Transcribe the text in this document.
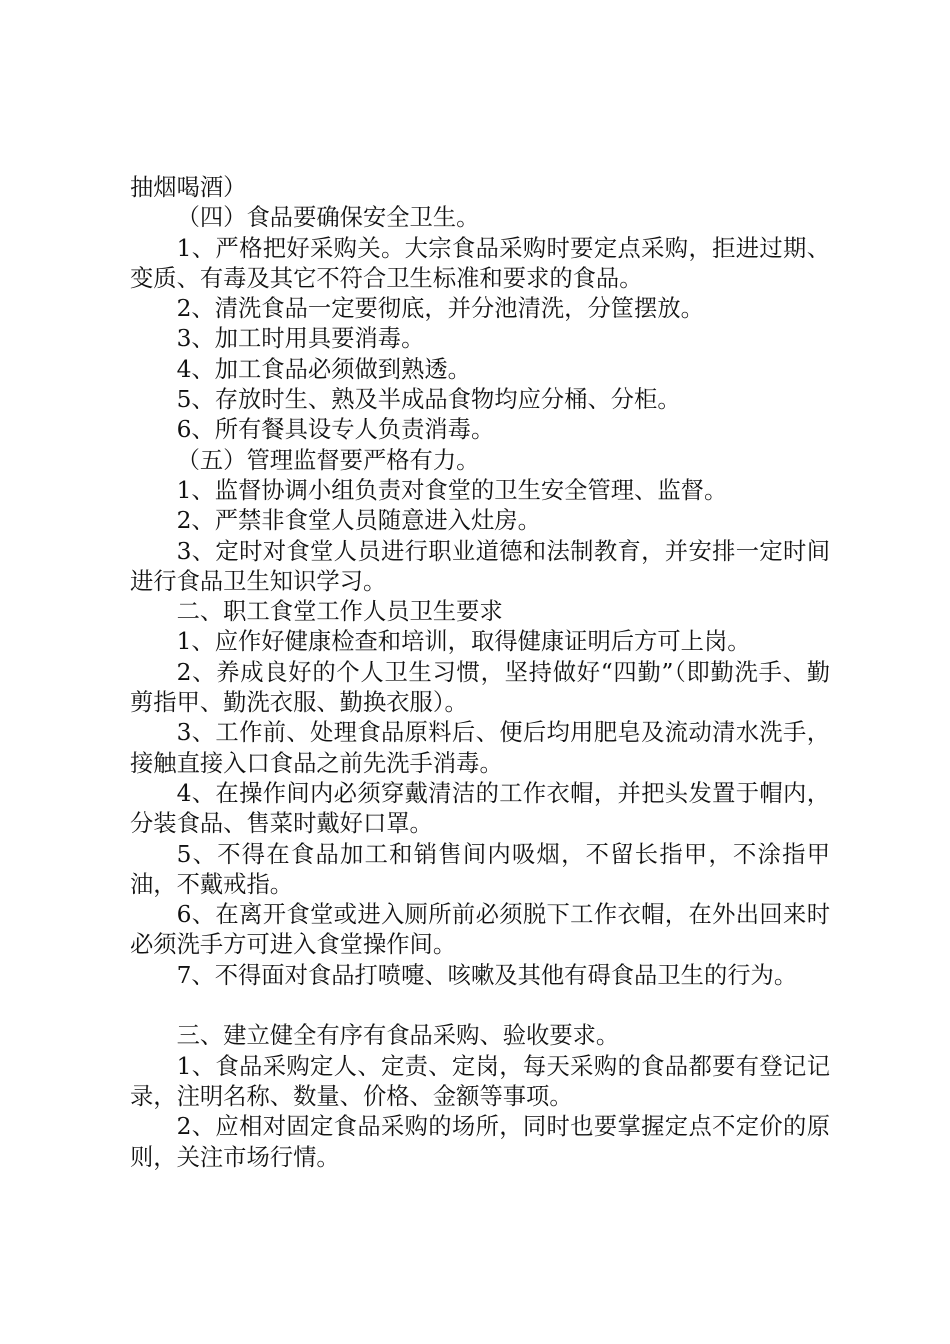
抽烟喝酒）

（四）食品要确保安全卫生。

1、严格把好采购关。大宗食品采购时要定点采购，拒进过期、变质、有毒及其它不符合卫生标准和要求的食品。

2、清洗食品一定要彻底，并分池清洗，分筐摆放。

3、加工时用具要消毒。

4、加工食品必须做到熟透。

5、存放时生、熟及半成品食物均应分桶、分柜。

6、所有餐具设专人负责消毒。

（五）管理监督要严格有力。

1、监督协调小组负责对食堂的卫生安全管理、监督。

2、严禁非食堂人员随意进入灶房。

3、定时对食堂人员进行职业道德和法制教育，并安排一定时间进行食品卫生知识学习。

二、职工食堂工作人员卫生要求

1、应作好健康检查和培训，取得健康证明后方可上岗。

2、养成良好的个人卫生习惯，坚持做好“四勤”（即勤洗手、勤剪指甲、勤洗衣服、勤换衣服）。

3、工作前、处理食品原料后、便后均用肥皂及流动清水洗手，接触直接入口食品之前先洗手消毒。

4、在操作间内必须穿戴清洁的工作衣帽，并把头发置于帽内，分装食品、售菜时戴好口罩。

5、不得在食品加工和销售间内吸烟，不留长指甲，不涂指甲油，不戴戒指。

6、在离开食堂或进入厕所前必须脱下工作衣帽，在外出回来时必须洗手方可进入食堂操作间。

7、不得面对食品打喷嚏、咳嗽及其他有碍食品卫生的行为。

三、建立健全有序有食品采购、验收要求。

1、食品采购定人、定责、定岗，每天采购的食品都要有登记记录，注明名称、数量、价格、金额等事项。

2、应相对固定食品采购的场所，同时也要掌握定点不定价的原则，关注市场行情。
